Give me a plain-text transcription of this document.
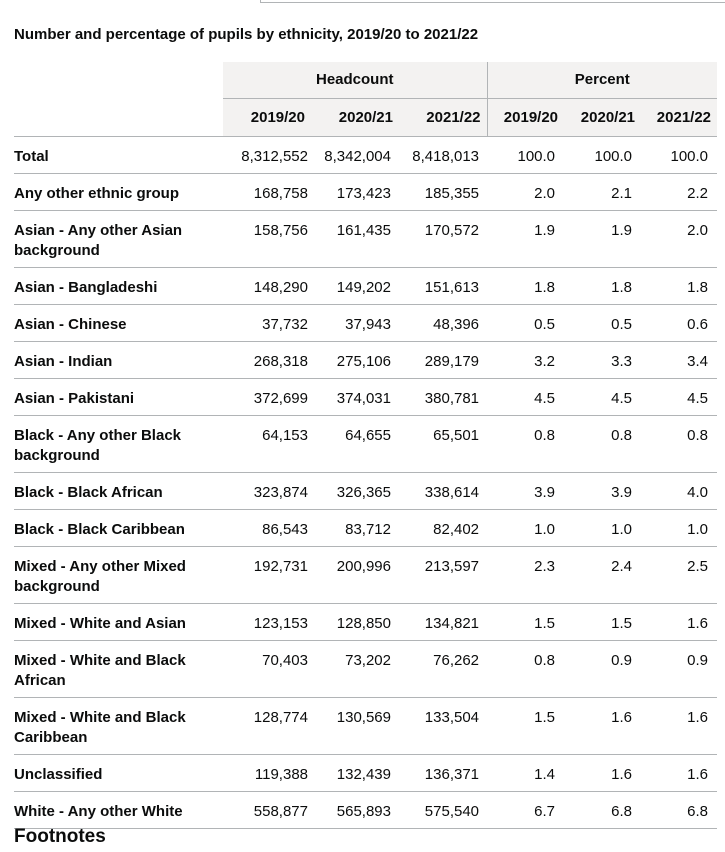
Number and percentage of pupils by ethnicity, 2019/20 to 2021/22

	Headcount			Percent		
	2019/20	2020/21	2021/22	2019/20	2020/21	2021/22
Total	8,312,552	8,342,004	8,418,013	100.0	100.0	100.0
Any other ethnic group	168,758	173,423	185,355	2.0	2.1	2.2
Asian - Any other Asian background	158,756	161,435	170,572	1.9	1.9	2.0
Asian - Bangladeshi	148,290	149,202	151,613	1.8	1.8	1.8
Asian - Chinese	37,732	37,943	48,396	0.5	0.5	0.6
Asian - Indian	268,318	275,106	289,179	3.2	3.3	3.4
Asian - Pakistani	372,699	374,031	380,781	4.5	4.5	4.5
Black - Any other Black background	64,153	64,655	65,501	0.8	0.8	0.8
Black - Black African	323,874	326,365	338,614	3.9	3.9	4.0
Black - Black Caribbean	86,543	83,712	82,402	1.0	1.0	1.0
Mixed - Any other Mixed background	192,731	200,996	213,597	2.3	2.4	2.5
Mixed - White and Asian	123,153	128,850	134,821	1.5	1.5	1.6
Mixed - White and Black African	70,403	73,202	76,262	0.8	0.9	0.9
Mixed - White and Black Caribbean	128,774	130,569	133,504	1.5	1.6	1.6
Unclassified	119,388	132,439	136,371	1.4	1.6	1.6
White - Any other White	558,877	565,893	575,540	6.7	6.8	6.8
Footnotes
